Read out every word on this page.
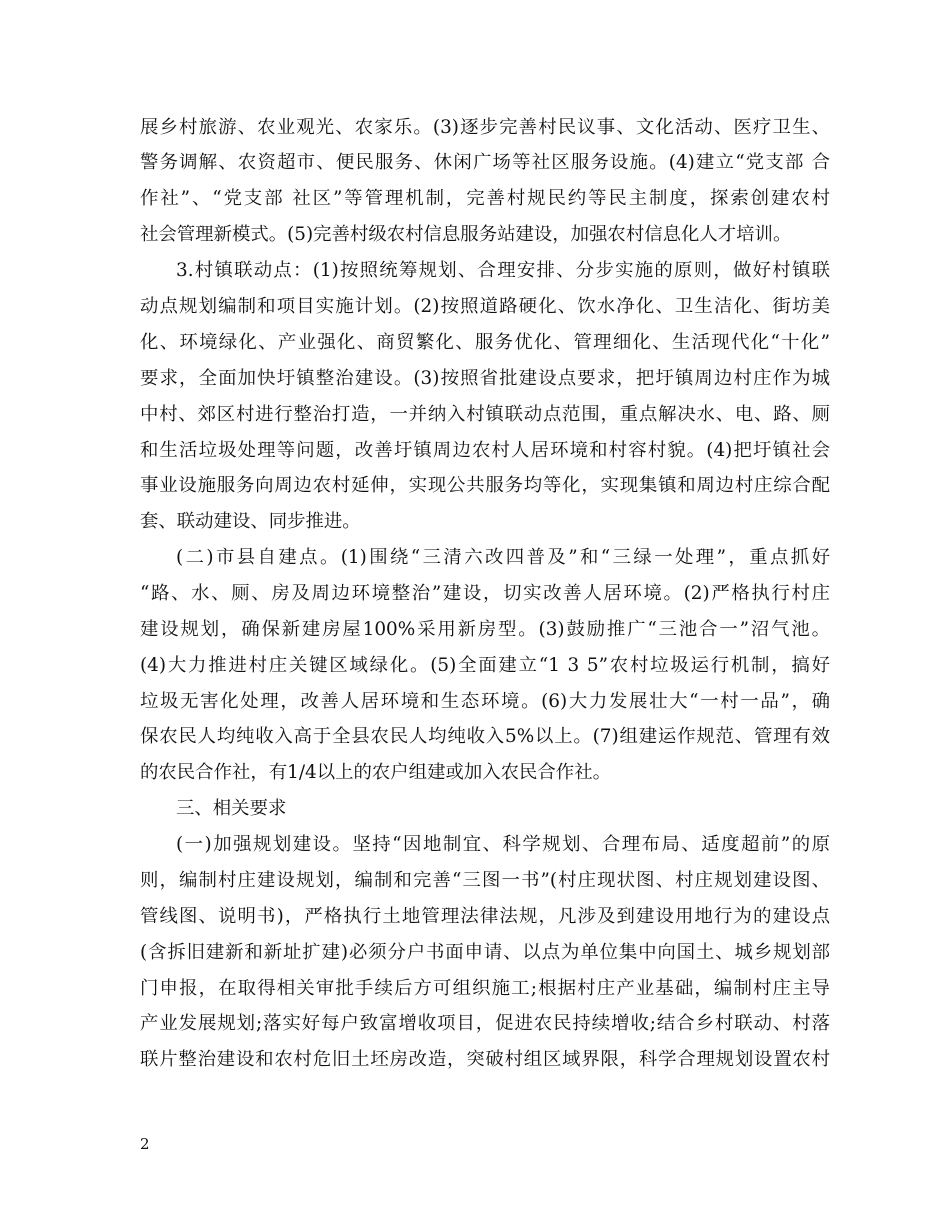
展乡村旅游、农业观光、农家乐。(3)逐步完善村民议事、文化活动、医疗卫生、
警务调解、农资超市、便民服务、休闲广场等社区服务设施。(4)建立“党支部 合
作社”、“党支部 社区”等管理机制，完善村规民约等民主制度，探索创建农村
社会管理新模式。(5)完善村级农村信息服务站建设，加强农村信息化人才培训。
3.村镇联动点：(1)按照统筹规划、合理安排、分步实施的原则，做好村镇联
动点规划编制和项目实施计划。(2)按照道路硬化、饮水净化、卫生洁化、街坊美
化、环境绿化、产业强化、商贸繁化、服务优化、管理细化、生活现代化“十化”
要求，全面加快圩镇整治建设。(3)按照省批建设点要求，把圩镇周边村庄作为城
中村、郊区村进行整治打造，一并纳入村镇联动点范围，重点解决水、电、路、厕
和生活垃圾处理等问题，改善圩镇周边农村人居环境和村容村貌。(4)把圩镇社会
事业设施服务向周边农村延伸，实现公共服务均等化，实现集镇和周边村庄综合配
套、联动建设、同步推进。
(二)市县自建点。(1)围绕“三清六改四普及”和“三绿一处理”，重点抓好
“路、水、厕、房及周边环境整治”建设，切实改善人居环境。(2)严格执行村庄
建设规划，确保新建房屋100%采用新房型。(3)鼓励推广“三池合一”沼气池。
(4)大力推进村庄关键区域绿化。(5)全面建立“1 3 5”农村垃圾运行机制，搞好
垃圾无害化处理，改善人居环境和生态环境。(6)大力发展壮大“一村一品”，确
保农民人均纯收入高于全县农民人均纯收入5%以上。(7)组建运作规范、管理有效
的农民合作社，有1/4以上的农户组建或加入农民合作社。
三、相关要求
(一)加强规划建设。坚持“因地制宜、科学规划、合理布局、适度超前”的原
则，编制村庄建设规划，编制和完善“三图一书”(村庄现状图、村庄规划建设图、
管线图、说明书)，严格执行土地管理法律法规，凡涉及到建设用地行为的建设点
(含拆旧建新和新址扩建)必须分户书面申请、以点为单位集中向国土、城乡规划部
门申报，在取得相关审批手续后方可组织施工;根据村庄产业基础，编制村庄主导
产业发展规划;落实好每户致富增收项目，促进农民持续增收;结合乡村联动、村落
联片整治建设和农村危旧土坯房改造，突破村组区域界限，科学合理规划设置农村
2
